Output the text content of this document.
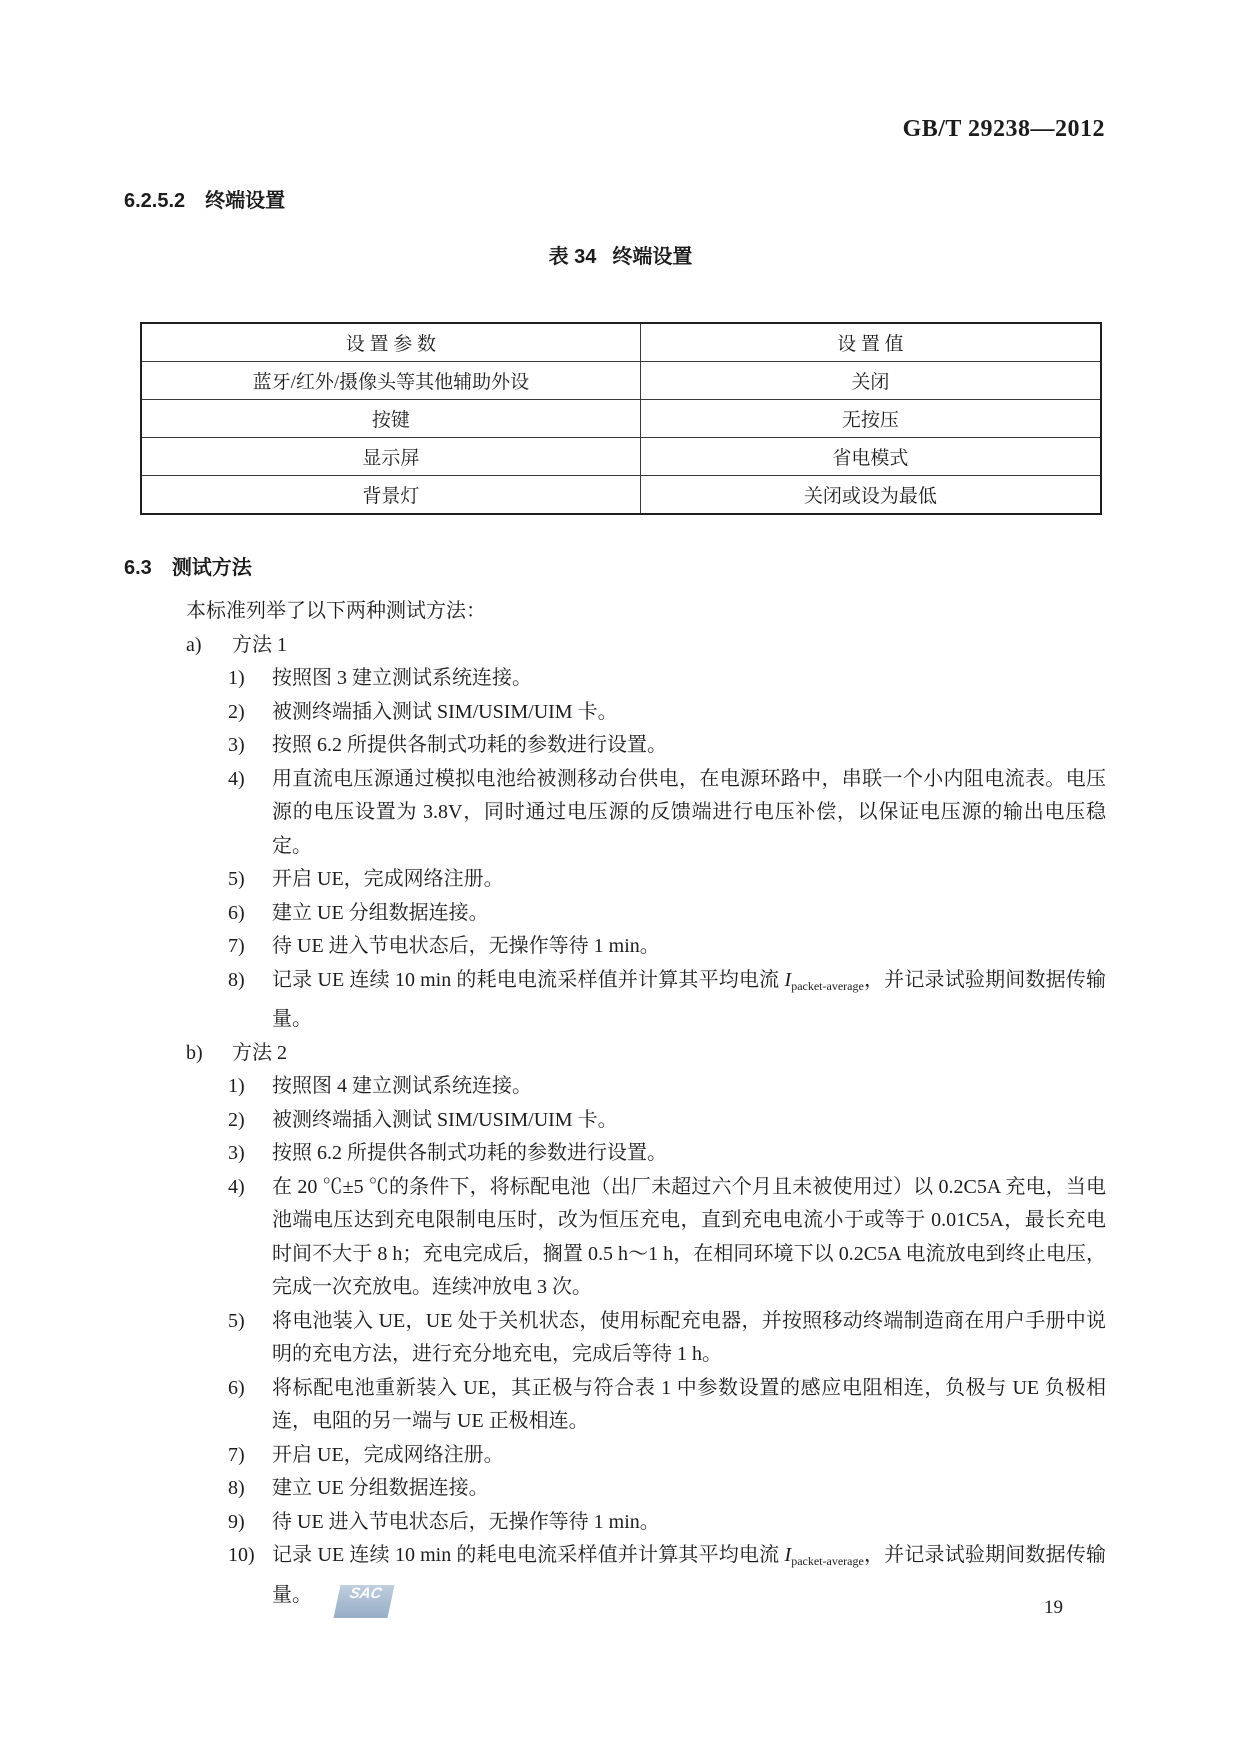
GB/T 29238—2012
6.2.5.2 终端设置
表 34 终端设置
设 置 参 数	设 置 值
蓝牙/红外/摄像头等其他辅助外设	关闭
按键	无按压
显示屏	省电模式
背景灯	关闭或设为最低
6.3 测试方法
本标准列举了以下两种测试方法：
a)	方法 1
1)	按照图 3 建立测试系统连接。
2)	被测终端插入测试 SIM/USIM/UIM 卡。
3)	按照 6.2 所提供各制式功耗的参数进行设置。
4)	用直流电压源通过模拟电池给被测移动台供电，在电源环路中，串联一个小内阻电流表。电压源的电压设置为 3.8V，同时通过电压源的反馈端进行电压补偿，以保证电压源的输出电压稳定。
5)	开启 UE，完成网络注册。
6)	建立 UE 分组数据连接。
7)	待 UE 进入节电状态后，无操作等待 1 min。
8)	记录 UE 连续 10 min 的耗电电流采样值并计算其平均电流 $I_{packet-average}$，并记录试验期间数据传输量。
b)	方法 2
1)	按照图 4 建立测试系统连接。
2)	被测终端插入测试 SIM/USIM/UIM 卡。
3)	按照 6.2 所提供各制式功耗的参数进行设置。
4)	在 20 ℃±5 ℃的条件下，将标配电池（出厂未超过六个月且未被使用过）以 0.2C5A 充电，当电池端电压达到充电限制电压时，改为恒压充电，直到充电电流小于或等于 0.01C5A，最长充电时间不大于 8 h；充电完成后，搁置 0.5 h～1 h，在相同环境下以 0.2C5A 电流放电到终止电压，完成一次充放电。连续冲放电 3 次。
5)	将电池装入 UE，UE 处于关机状态，使用标配充电器，并按照移动终端制造商在用户手册中说明的充电方法，进行充分地充电，完成后等待 1 h。
6)	将标配电池重新装入 UE，其正极与符合表 1 中参数设置的感应电阻相连，负极与 UE 负极相连，电阻的另一端与 UE 正极相连。
7)	开启 UE，完成网络注册。
8)	建立 UE 分组数据连接。
9)	待 UE 进入节电状态后，无操作等待 1 min。
10) 记录 UE 连续 10 min 的耗电电流采样值并计算其平均电流 $I_{packet-average}$，并记录试验期间数据传输量。	SAC
19
